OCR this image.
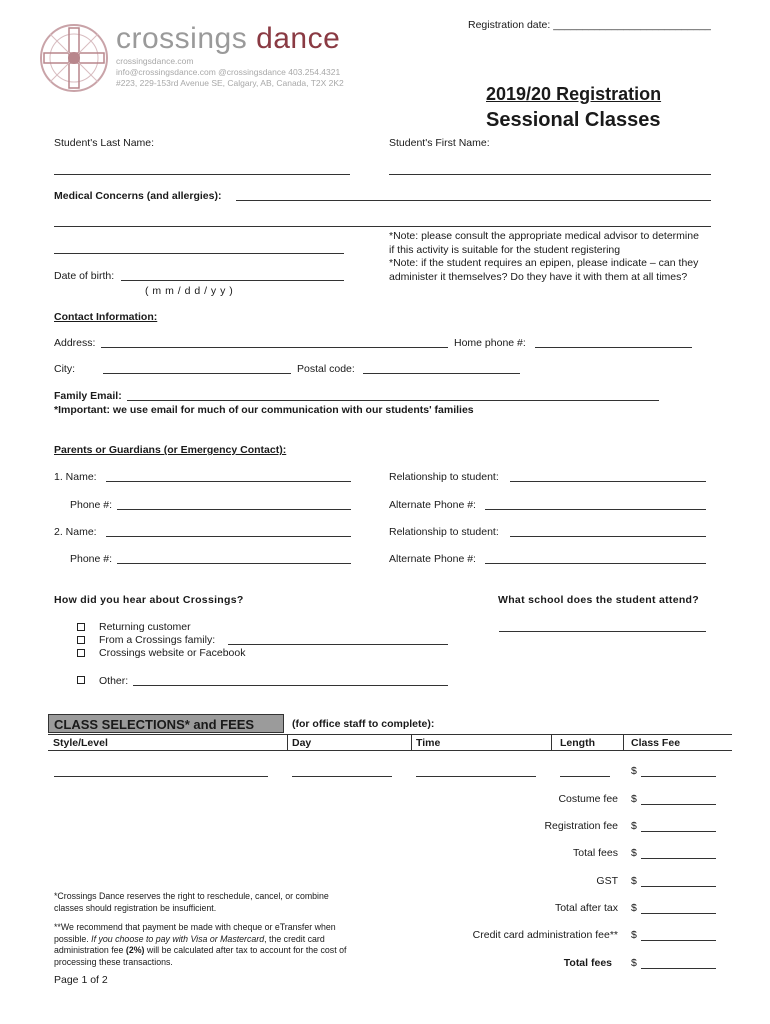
Registration date: ___________________________
crossings dance
crossingsdance.com
info@crossingsdance.com @crossingsdance 403.254.4321
#223, 229-153rd Avenue SE, Calgary, AB, Canada, T2X 2K2
2019/20 Registration
Sessional Classes
Student's Last Name:	Student's First Name:
Medical Concerns (and allergies):
*Note: please consult the appropriate medical advisor to determine
if this activity is suitable for the student registering
*Note: if the student requires an epipen, please indicate – can they
administer it themselves? Do they have it with them at all times?
Date of birth:
( m m / d d / y y )
Contact Information:
Address:	Home phone #:
City:	Postal code:
Family Email:
*Important: we use email for much of our communication with our students' families
Parents or Guardians (or Emergency Contact):
1. Name:	Relationship to student:
Phone #:	Alternate Phone #:
2. Name:	Relationship to student:
Phone #:	Alternate Phone #:
How did you hear about Crossings?	What school does the student attend?
Returning customer
From a Crossings family:
Crossings website or Facebook
Other:
CLASS SELECTIONS* and FEES	(for office staff to complete):
Style/Level	Day	Time	Length	Class Fee
$
Costume fee $
Registration fee $
Total fees $
GST $
Total after tax $
Credit card administration fee** $
Total fees $
*Crossings Dance reserves the right to reschedule, cancel, or combine
classes should registration be insufficient.
**We recommend that payment be made with cheque or eTransfer when
possible. If you choose to pay with Visa or Mastercard, the credit card
administration fee (2%) will be calculated after tax to account for the cost of
processing these transactions.
Page 1 of 2
